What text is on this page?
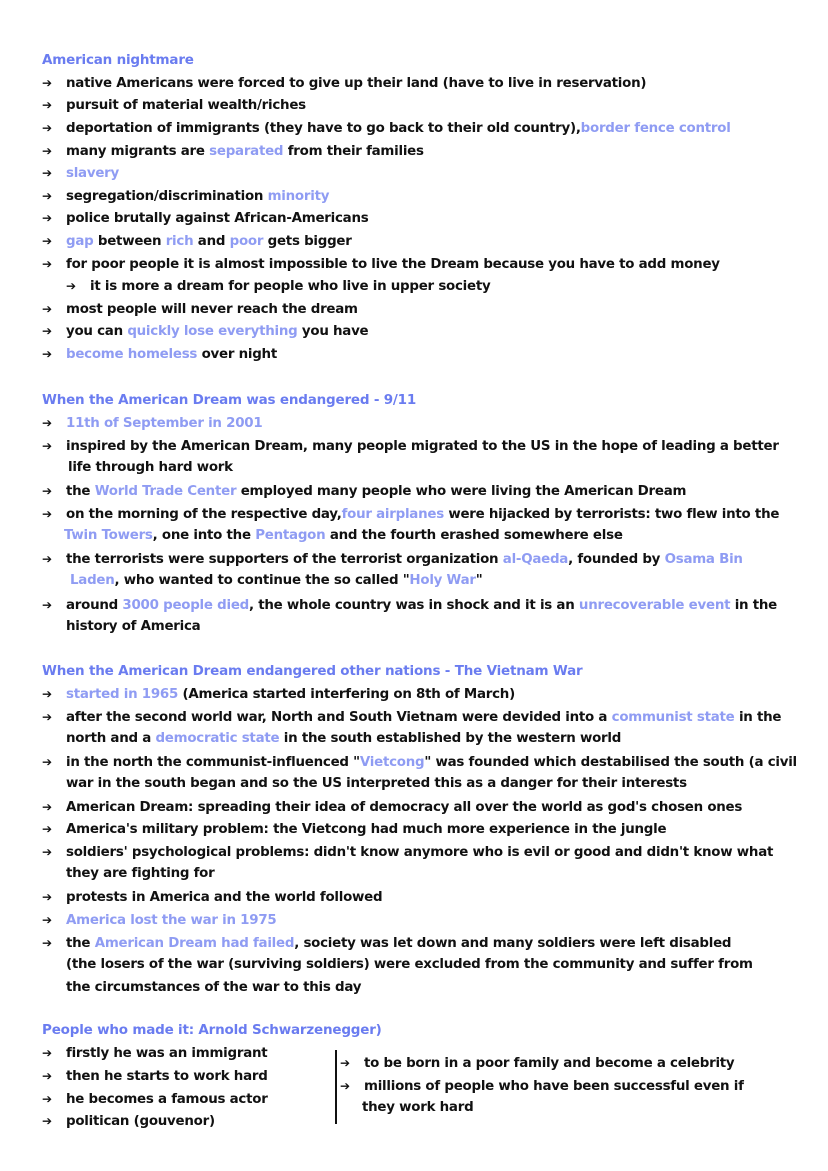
American nightmare
➔ native Americans were forced to give up their land (have to live in reservation)
➔ pursuit of material wealth/riches
➔ deportation of immigrants (they have to go back to their old country),border fence control
➔ many migrants are separated from their families
➔ slavery
➔ segregation/discrimination minority
➔ police brutally against African-Americans
➔ gap between rich and poor gets bigger
➔ for poor people it is almost impossible to live the Dream because you have to add money
➔ it is more a dream for people who live in upper society
➔ most people will never reach the dream
➔ you can quickly lose everything you have
➔ become homeless over night
When the American Dream was endangered - 9/11
➔ 11th of September in 2001
➔ inspired by the American Dream, many people migrated to the US in the hope of leading a better
life through hard work
➔ the World Trade Center employed many people who were living the American Dream
➔ on the morning of the respective day,four airplanes were hijacked by terrorists: two flew into the
Twin Towers, one into the Pentagon and the fourth erashed somewhere else
➔ the terrorists were supporters of the terrorist organization al-Qaeda, founded by Osama Bin
Laden, who wanted to continue the so called "Holy War"
➔ around 3000 people died, the whole country was in shock and it is an unrecoverable event in the
history of America
When the American Dream endangered other nations - The Vietnam War
➔ started in 1965 (America started interfering on 8th of March)
➔ after the second world war, North and South Vietnam were devided into a communist state in the
north and a democratic state in the south established by the western world
➔ in the north the communist-influenced "Vietcong" was founded which destabilised the south (a civil
war in the south began and so the US interpreted this as a danger for their interests
➔ American Dream: spreading their idea of democracy all over the world as god's chosen ones
➔ America's military problem: the Vietcong had much more experience in the jungle
➔ soldiers' psychological problems: didn't know anymore who is evil or good and didn't know what
they are fighting for
➔ protests in America and the world followed
➔ America lost the war in 1975
➔ the American Dream had failed, society was let down and many soldiers were left disabled
(the losers of the war (surviving soldiers) were excluded from the community and suffer from
the circumstances of the war to this day
People who made it: Arnold Schwarzenegger)
➔ firstly he was an immigrant
➔ then he starts to work hard
➔ he becomes a famous actor
➔ politican (gouvenor)
➔ to be born in a poor family and become a celebrity
➔ millions of people who have been successful even if
they work hard
